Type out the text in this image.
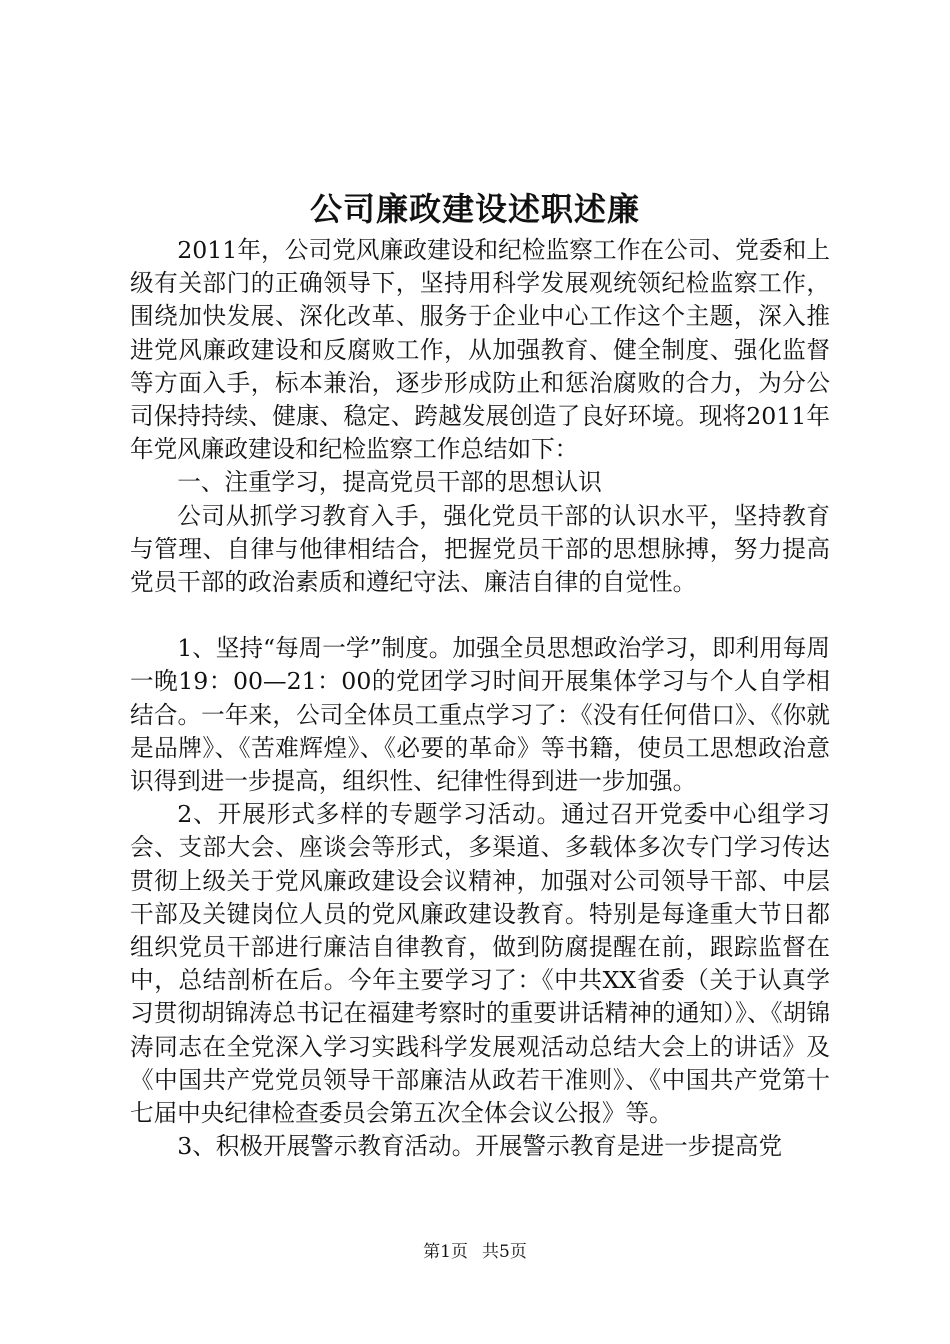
公司廉政建设述职述廉

2011年，公司党风廉政建设和纪检监察工作在公司、党委和上级有关部门的正确领导下，坚持用科学发展观统领纪检监察工作，围绕加快发展、深化改革、服务于企业中心工作这个主题，深入推进党风廉政建设和反腐败工作，从加强教育、健全制度、强化监督等方面入手，标本兼治，逐步形成防止和惩治腐败的合力，为分公司保持持续、健康、稳定、跨越发展创造了良好环境。现将2011年年党风廉政建设和纪检监察工作总结如下：

一、注重学习，提高党员干部的思想认识

公司从抓学习教育入手，强化党员干部的认识水平，坚持教育与管理、自律与他律相结合，把握党员干部的思想脉搏，努力提高党员干部的政治素质和遵纪守法、廉洁自律的自觉性。

1、坚持“每周一学”制度。加强全员思想政治学习，即利用每周一晚19：00—21：00的党团学习时间开展集体学习与个人自学相结合。一年来，公司全体员工重点学习了：《没有任何借口》、《你就是品牌》、《苦难辉煌》、《必要的革命》等书籍，使员工思想政治意识得到进一步提高，组织性、纪律性得到进一步加强。

2、开展形式多样的专题学习活动。通过召开党委中心组学习会、支部大会、座谈会等形式，多渠道、多载体多次专门学习传达贯彻上级关于党风廉政建设会议精神，加强对公司领导干部、中层干部及关键岗位人员的党风廉政建设教育。特别是每逢重大节日都组织党员干部进行廉洁自律教育，做到防腐提醒在前，跟踪监督在中，总结剖析在后。今年主要学习了：《中共XX省委（关于认真学习贯彻胡锦涛总书记在福建考察时的重要讲话精神的通知）》、《胡锦涛同志在全党深入学习实践科学发展观活动总结大会上的讲话》及《中国共产党党员领导干部廉洁从政若干准则》、《中国共产党第十七届中央纪律检查委员会第五次全体会议公报》等。

3、积极开展警示教育活动。开展警示教育是进一步提高党

第1页 共5页
